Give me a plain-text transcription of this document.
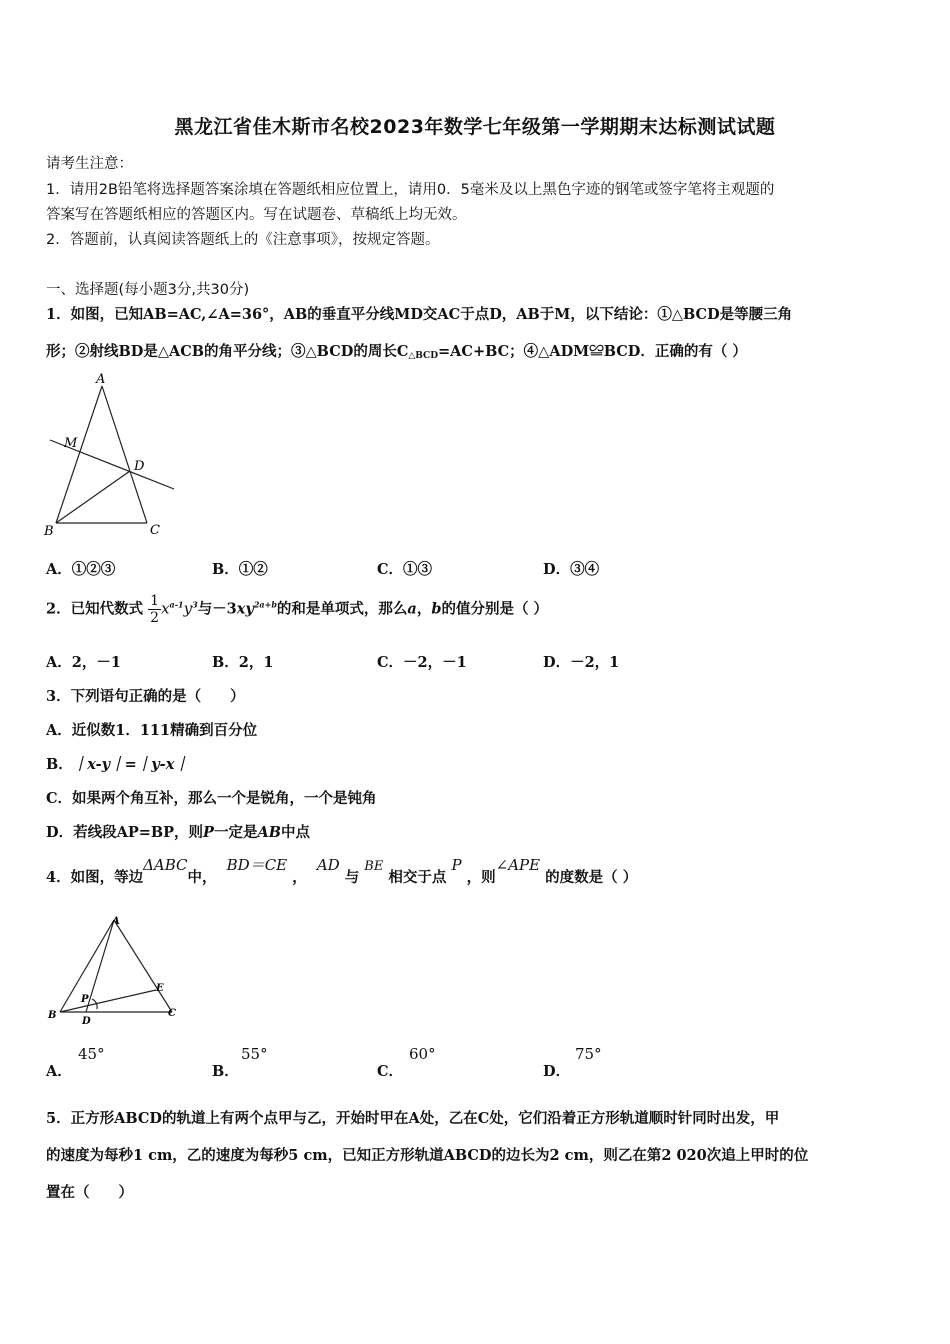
黑龙江省佳木斯市名校2023年数学七年级第一学期期末达标测试试题
请考生注意：
1．请用2B铅笔将选择题答案涂填在答题纸相应位置上，请用0．5毫米及以上黑色字迹的钢笔或签字笔将主观题的
答案写在答题纸相应的答题区内。写在试题卷、草稿纸上均无效。
2．答题前，认真阅读答题纸上的《注意事项》，按规定答题。
一、选择题(每小题3分,共30分)
1．如图，已知AB=AC,∠A=36°，AB的垂直平分线MD交AC于点D，AB于M，以下结论：①△BCD是等腰三角
形；②射线BD是△ACB的角平分线；③△BCD的周长$C_{\triangle BCD}=AC+BC$；④△ADM≌BCD．正确的有（ ）
A
M
D
B	C
A．①②③	B．①②	C．①③	D．③④
2．已知代数式 $\frac{1}{2} x^{a-1}y^3$与$-3xy^{2a+b}$的和是单项式，那么a，b的值分别是（ ）
A．2，－1	B．2，1	C．－2，－1	D．－2，1
3．下列语句正确的是（　　）
A．近似数1．111精确到百分位
B．｜x-y｜=｜y-x｜
C．如果两个角互补，那么一个是锐角，一个是钝角
D．若线段AP=BP，则P一定是AB中点
4．如图，等边ΔABC中，  BD＝CE ，  AD 与 BE 相交于点 P ，则∠APE 的度数是（ ）
A
E
P
B
D
C
A．
45°
B．
55°
C．
60°
D．
75°
5．正方形ABCD的轨道上有两个点甲与乙，开始时甲在A处，乙在C处，它们沿着正方形轨道顺时针同时出发，甲
的速度为每秒1 cm，乙的速度为每秒5 cm，已知正方形轨道ABCD的边长为2 cm，则乙在第2 020次追上甲时的位
置在（　　）
